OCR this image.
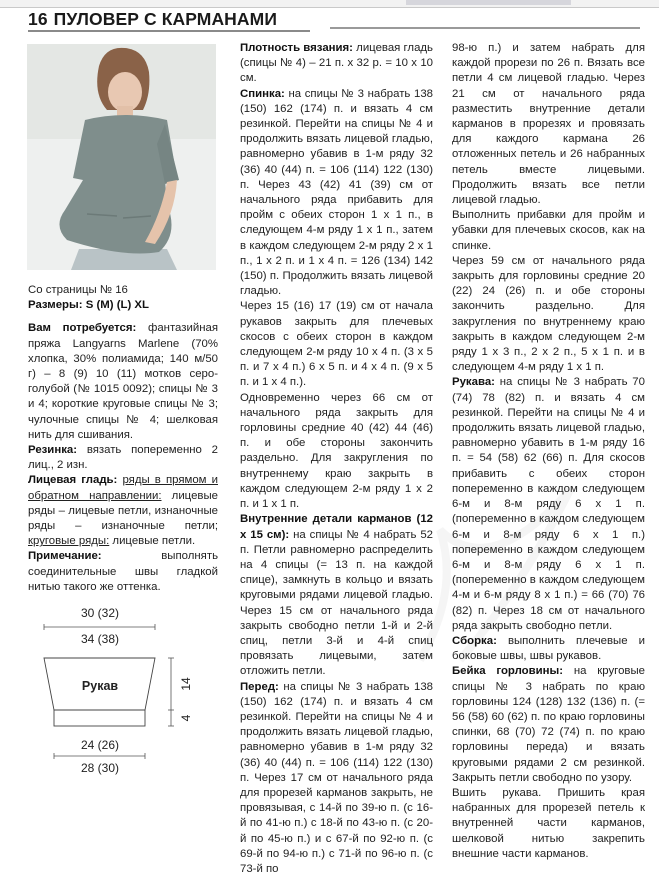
16 ПУЛОВЕР С КАРМАНАМИ

Со страницы № 16

Размеры: S (M) (L) XL

Вам потребуется: фантазийная пряжа Langyarns Marlene (70% хлопка, 30% полиамида; 140 м/50 г) – 8 (9) 10 (11) мотков серо-голубой (№ 1015 0092); спицы № 3 и 4; короткие круговые спицы № 3; чулочные спицы № 4; шелковая нить для сшивания.

Резинка: вязать попеременно 2 лиц., 2 изн.

Лицевая гладь: ряды в прямом и обратном направлении: лицевые ряды – лицевые петли, изнаночные ряды – изнаночные петли; круговые ряды: лицевые петли.

Примечание:	выполнять соединительные швы гладкой нитью такого же оттенка.

30 (32)
34 (38)
Рукав	14
4
24 (26)
28 (30)

Плотность вязания: лицевая гладь (спицы № 4) – 21 п. х 32 р. = 10 х 10 см.

Спинка: на спицы № 3 набрать 138 (150) 162 (174) п. и вязать 4 см резинкой. Перейти на спицы № 4 и продолжить вязать лицевой гладью, равномерно убавив в 1-м ряду 32 (36) 40 (44) п. = 106 (114) 122 (130) п. Через 43 (42) 41 (39) см от начального ряда прибавить для пройм с обеих сторон 1 х 1 п., в следующем 4-м ряду 1 х 1 п., затем в каждом следующем 2-м ряду 2 х 1 п., 1 х 2 п. и 1 х 4 п. = 126 (134) 142 (150) п. Продолжить вязать лицевой гладью.

Через 15 (16) 17 (19) см от начала рукавов закрыть для плечевых скосов с обеих сторон в каждом следующем 2-м ряду 10 х 4 п. (3 х 5 п. и 7 х 4 п.) 6 х 5 п. и 4 х 4 п. (9 х 5 п. и 1 х 4 п.).

Одновременно через 66 см от начального ряда закрыть для горловины средние 40 (42) 44 (46) п. и обе стороны закончить раздельно. Для закругления по внутреннему краю закрыть в каждом следующем 2-м ряду 1 х 2 п. и 1 х 1 п.

Внутренние детали карманов (12 х 15 см): на спицы № 4 набрать 52 п. Петли равномерно распределить на 4 спицы (= 13 п. на каждой спице), замкнуть в кольцо и вязать круговыми рядами лицевой гладью. Через 15 см от начального ряда закрыть свободно петли 1-й и 2-й спиц, петли 3-й и 4-й спиц провязать лицевыми, затем отложить петли.

Перед: на спицы № 3 набрать 138 (150) 162 (174) п. и вязать 4 см резинкой. Перейти на спицы № 4 и продолжить вязать лицевой гладью, равномерно убавив в 1-м ряду 32 (36) 40 (44) п. = 106 (114) 122 (130) п. Через 17 см от начального ряда для прорезей карманов закрыть, не провязывая, с 14-й по 39-ю п. (с 16-й по 41-ю п.) с 18-й по 43-ю п. (с 20-й по 45-ю п.) и с 67-й по 92-ю п. (с 69-й по 94-ю п.) с 71-й по 96-ю п. (с 73-й по

98-ю п.) и затем набрать для каждой прорези по 26 п. Вязать все петли 4 см лицевой гладью. Через 21 см от начального ряда разместить внутренние детали карманов в прорезях и провязать для каждого кармана 26 отложенных петель и 26 набранных петель вместе лицевыми. Продолжить вязать все петли лицевой гладью.

Выполнить прибавки для пройм и убавки для плечевых скосов, как на спинке.

Через 59 см от начального ряда закрыть для горловины средние 20 (22) 24 (26) п. и обе стороны закончить раздельно. Для закругления по внутреннему краю закрыть в каждом следующем 2-м ряду 1 х 3 п., 2 х 2 п., 5 х 1 п. и в следующем 4-м ряду 1 х 1 п.

Рукава: на спицы № 3 набрать 70 (74) 78 (82) п. и вязать 4 см резинкой. Перейти на спицы № 4 и продолжить вязать лицевой гладью, равномерно убавить в 1-м ряду 16 п. = 54 (58) 62 (66) п. Для скосов прибавить с обеих сторон попеременно в каждом следующем 6-м и 8-м ряду 6 х 1 п. (попеременно в каждом следующем 6-м и 8-м ряду 6 х 1 п.) попеременно в каждом следующем 6-м и 8-м ряду 6 х 1 п. (попеременно в каждом следующем 4-м и 6-м ряду 8 х 1 п.) = 66 (70) 76 (82) п. Через 18 см от начального ряда закрыть свободно петли.

Сборка: выполнить плечевые и боковые швы, швы рукавов.

Бейка горловины: на круговые спицы № 3 набрать по краю горловины 124 (128) 132 (136) п. (= 56 (58) 60 (62) п. по краю горловины спинки, 68 (70) 72 (74) п. по краю горловины переда) и вязать круговыми рядами 2 см резинкой. Закрыть петли свободно по узору.

Вшить рукава. Пришить края набранных для прорезей петель к внутренней части карманов, шелковой нитью закрепить внешние части карманов.
